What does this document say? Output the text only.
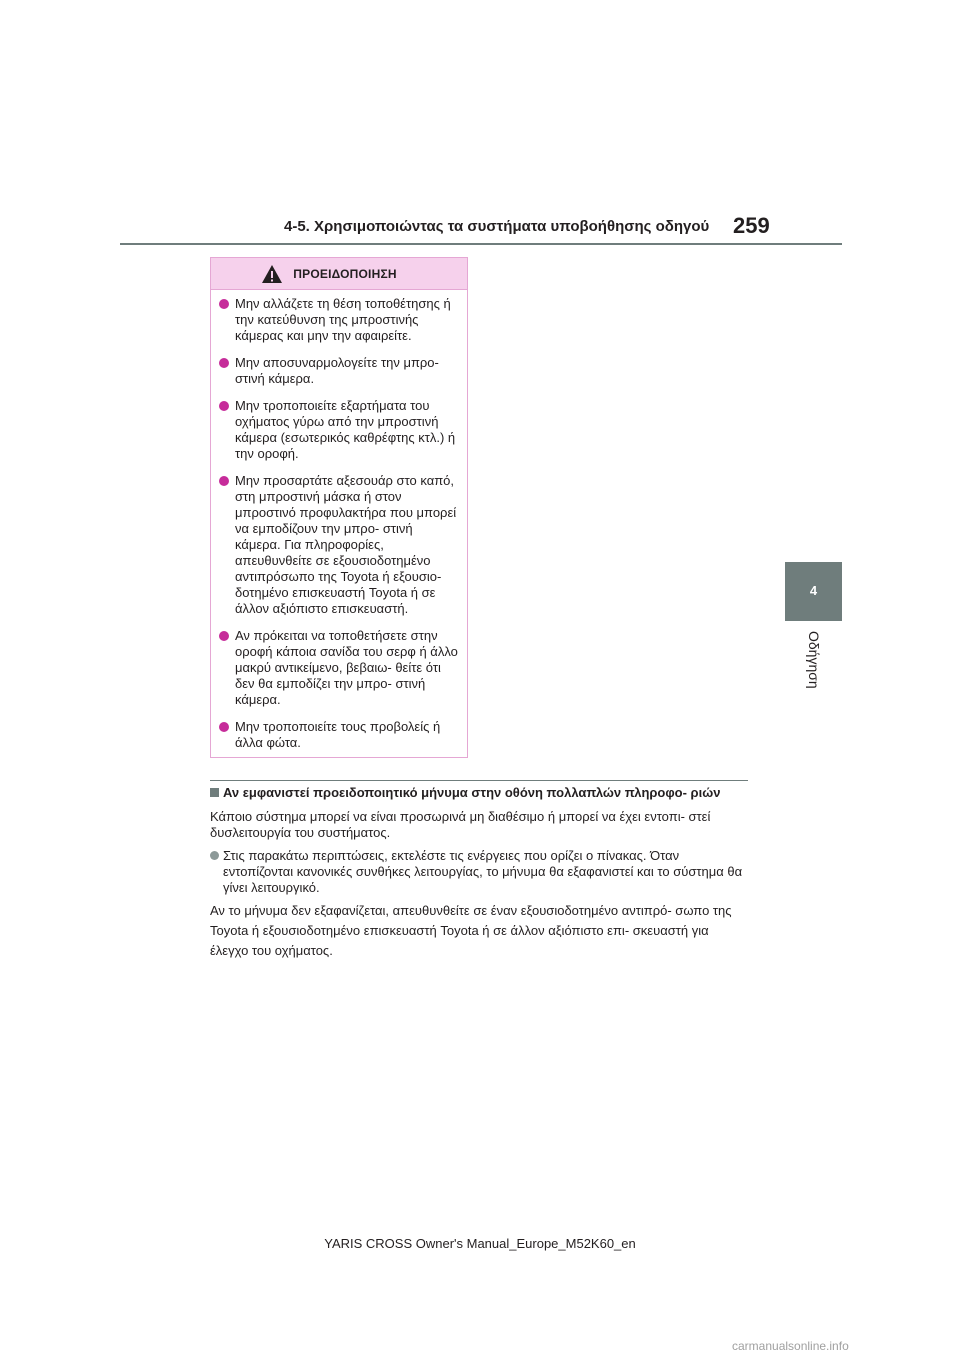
4-5. Χρησιμοποιώντας τα συστήματα υποβοήθησης οδηγού 259
4
Οδήγηση
ΠΡΟΕΙΔΟΠΟΙΗΣΗ
Μην αλλάζετε τη θέση τοποθέτησης ή την κατεύθυνση της μπροστινής κάμερας και μην την αφαιρείτε.
Μην αποσυναρμολογείτε την μπρο- στινή κάμερα.
Μην τροποποιείτε εξαρτήματα του οχήματος γύρω από την μπροστινή κάμερα (εσωτερικός καθρέφτης κτλ.) ή την οροφή.
Μην προσαρτάτε αξεσουάρ στο καπό, στη μπροστινή μάσκα ή στον μπροστινό προφυλακτήρα που μπορεί να εμποδίζουν την μπρο- στινή κάμερα. Για πληροφορίες, απευθυνθείτε σε εξουσιοδοτημένο αντιπρόσωπο της Toyota ή εξουσιο- δοτημένο επισκευαστή Toyota ή σε άλλον αξιόπιστο επισκευαστή.
Αν πρόκειται να τοποθετήσετε στην οροφή κάποια σανίδα του σερφ ή άλλο μακρύ αντικείμενο, βεβαιω- θείτε ότι δεν θα εμποδίζει την μπρο- στινή κάμερα.
Μην τροποποιείτε τους προβολείς ή άλλα φώτα.
Αν εμφανιστεί προειδοποιητικό μήνυμα στην οθόνη πολλαπλών πληροφο- ριών

Κάποιο σύστημα μπορεί να είναι προσωρινά μη διαθέσιμο ή μπορεί να έχει εντοπι- στεί δυσλειτουργία του συστήματος.

Στις παρακάτω περιπτώσεις, εκτελέστε τις ενέργειες που ορίζει ο πίνακας. Όταν εντοπίζονται κανονικές συνθήκες λειτουργίας, το μήνυμα θα εξαφανιστεί και το σύστημα θα γίνει λειτουργικό.

Αν το μήνυμα δεν εξαφανίζεται, απευθυνθείτε σε έναν εξουσιοδοτημένο αντιπρό- σωπο της Toyota ή εξουσιοδοτημένο επισκευαστή Toyota ή σε άλλον αξιόπιστο επι- σκευαστή για έλεγχο του οχήματος.

YARIS CROSS Owner's Manual_Europe_M52K60_en
carmanualsonline.info
